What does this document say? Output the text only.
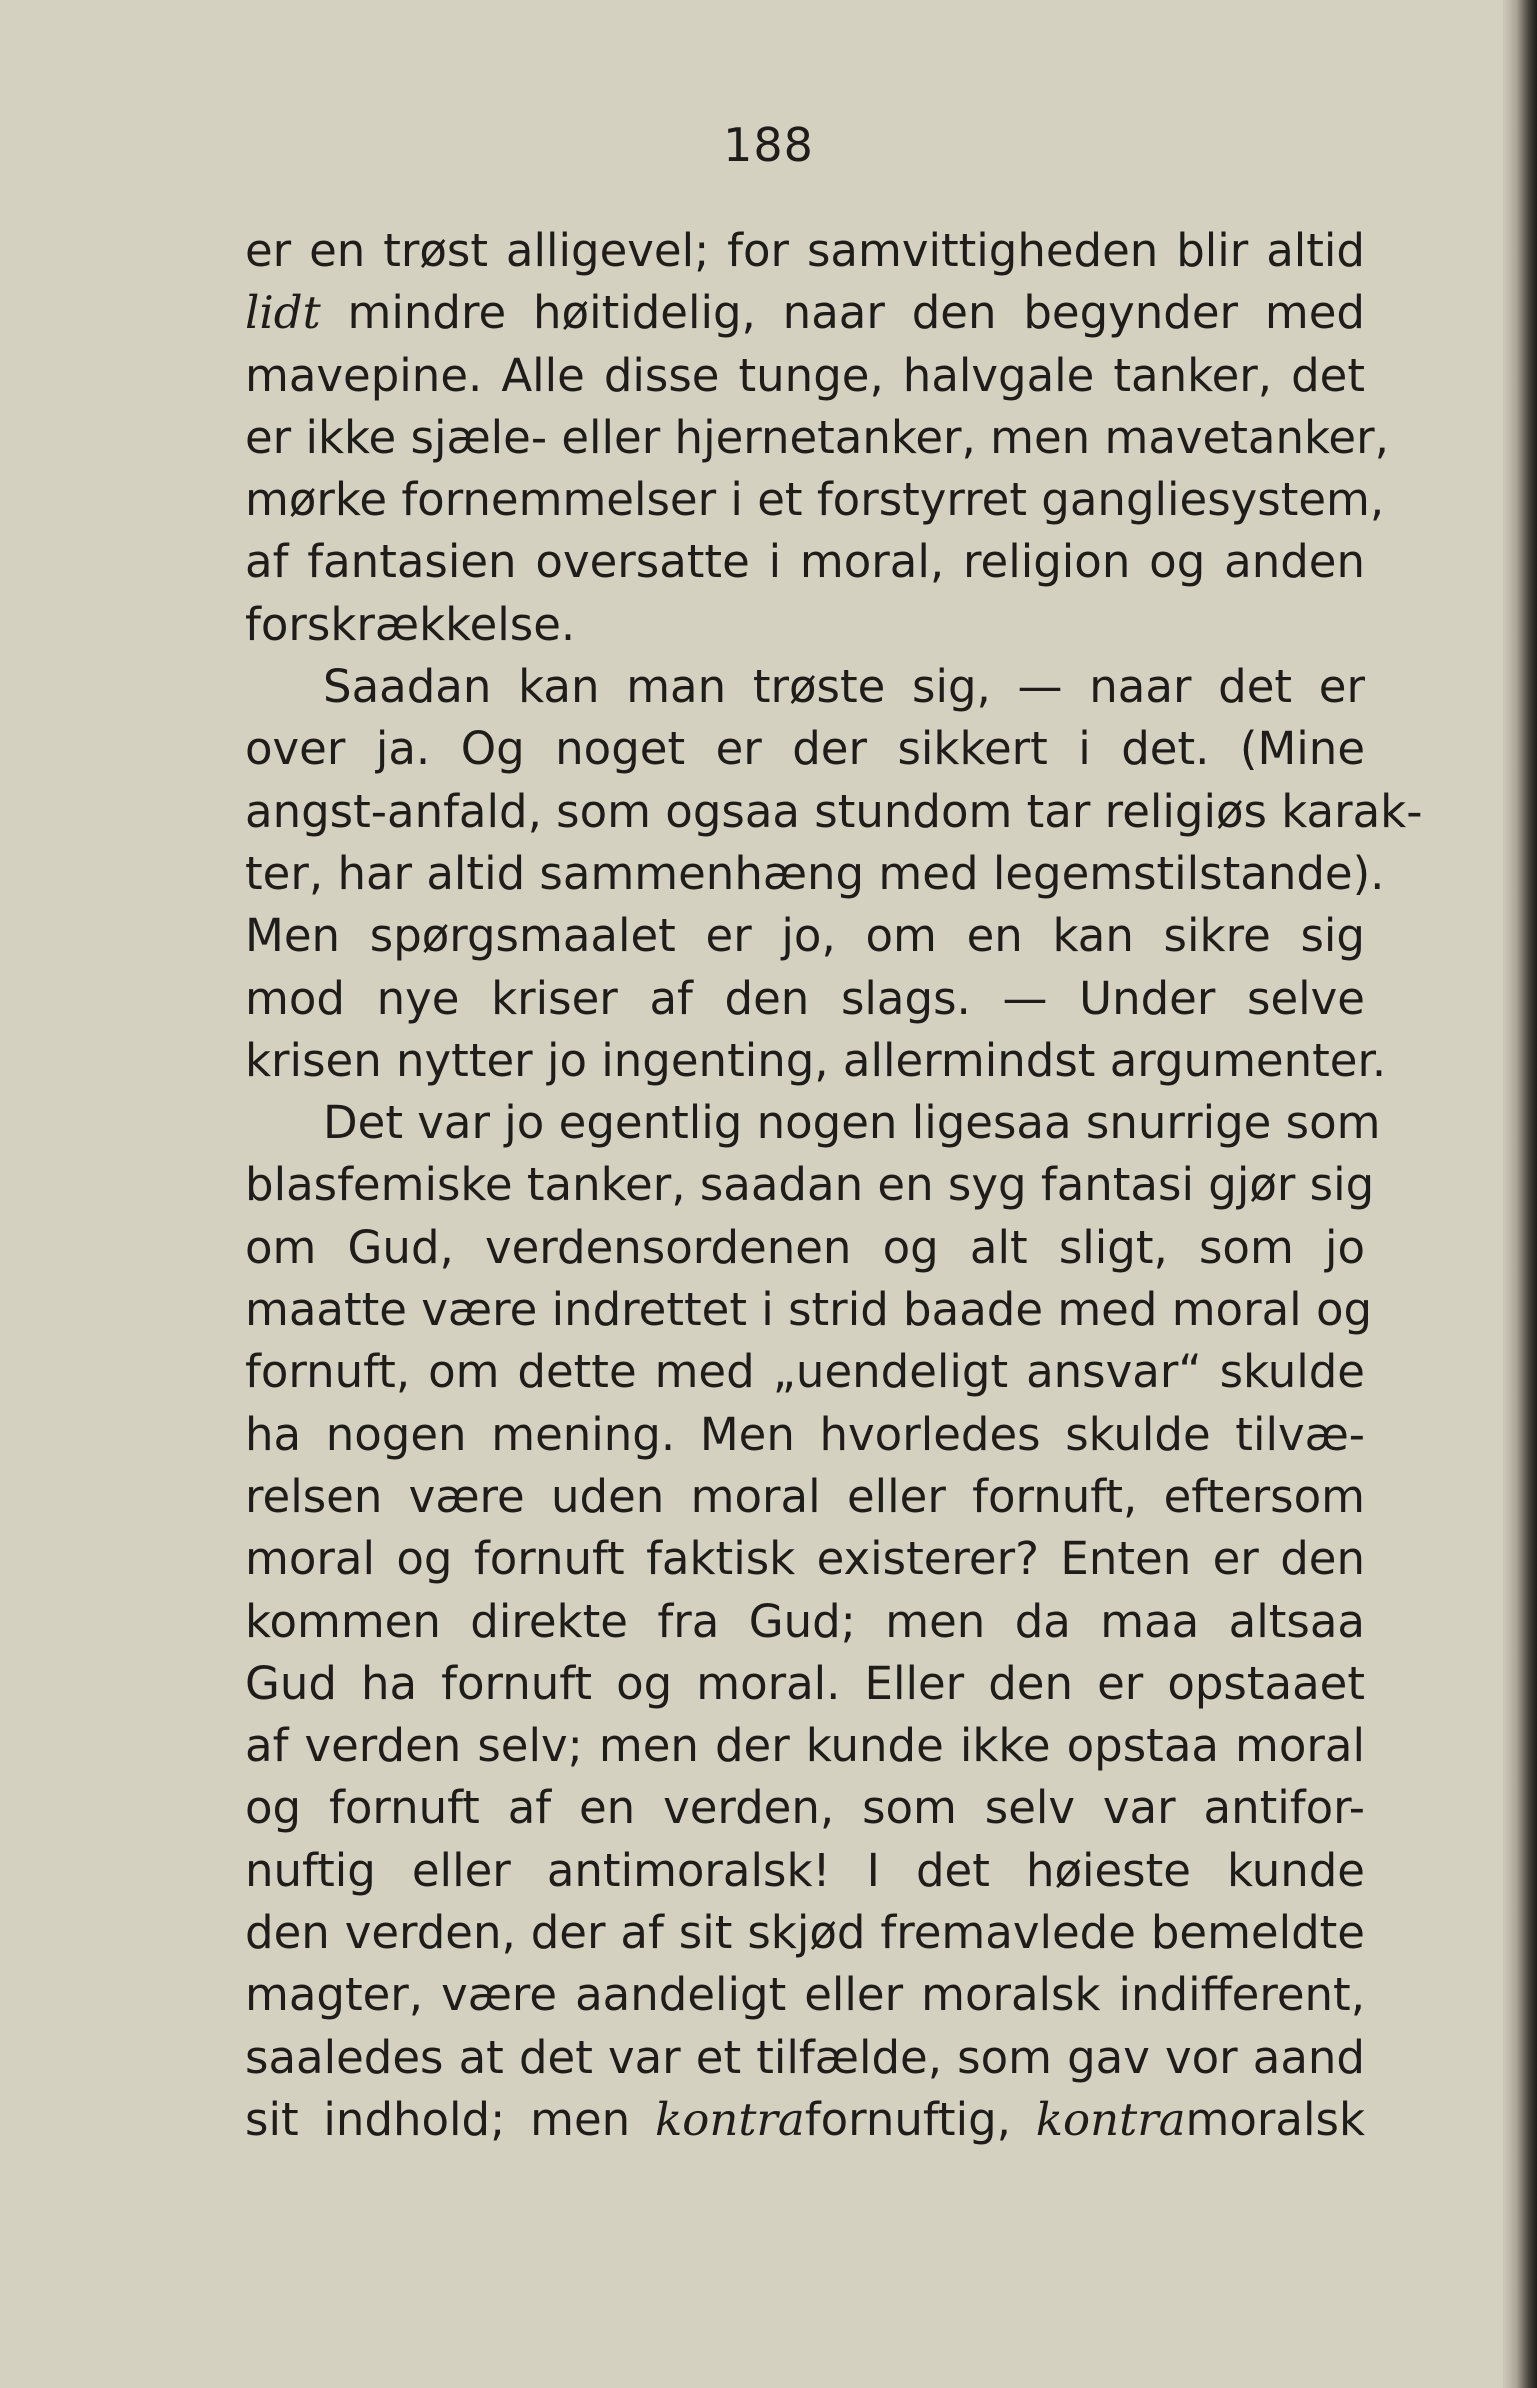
188
er en trøst alligevel; for samvittigheden blir altid
lidt mindre høitidelig, naar den begynder med
mavepine. Alle disse tunge, halvgale tanker, det
er ikke sjæle- eller hjernetanker, men mavetanker,
mørke fornemmelser i et forstyrret gangliesystem,
af fantasien oversatte i moral, religion og anden
forskrækkelse.
Saadan kan man trøste sig, — naar det er
over ja. Og noget er der sikkert i det. (Mine
angst-anfald, som ogsaa stundom tar religiøs karak-
ter, har altid sammenhæng med legemstilstande).
Men spørgsmaalet er jo, om en kan sikre sig
mod nye kriser af den slags. — Under selve
krisen nytter jo ingenting, allermindst argumenter.
Det var jo egentlig nogen ligesaa snurrige som
blasfemiske tanker, saadan en syg fantasi gjør sig
om Gud, verdensordenen og alt sligt, som jo
maatte være indrettet i strid baade med moral og
fornuft, om dette med „uendeligt ansvar“ skulde
ha nogen mening. Men hvorledes skulde tilvæ-
relsen være uden moral eller fornuft, eftersom
moral og fornuft faktisk existerer? Enten er den
kommen direkte fra Gud; men da maa altsaa
Gud ha fornuft og moral. Eller den er opstaaet
af verden selv; men der kunde ikke opstaa moral
og fornuft af en verden, som selv var antifor-
nuftig eller antimoralsk! I det høieste kunde
den verden, der af sit skjød fremavlede bemeldte
magter, være aandeligt eller moralsk indifferent,
saaledes at det var et tilfælde, som gav vor aand
sit indhold; men kontrafornuftig, kontramoralsk
